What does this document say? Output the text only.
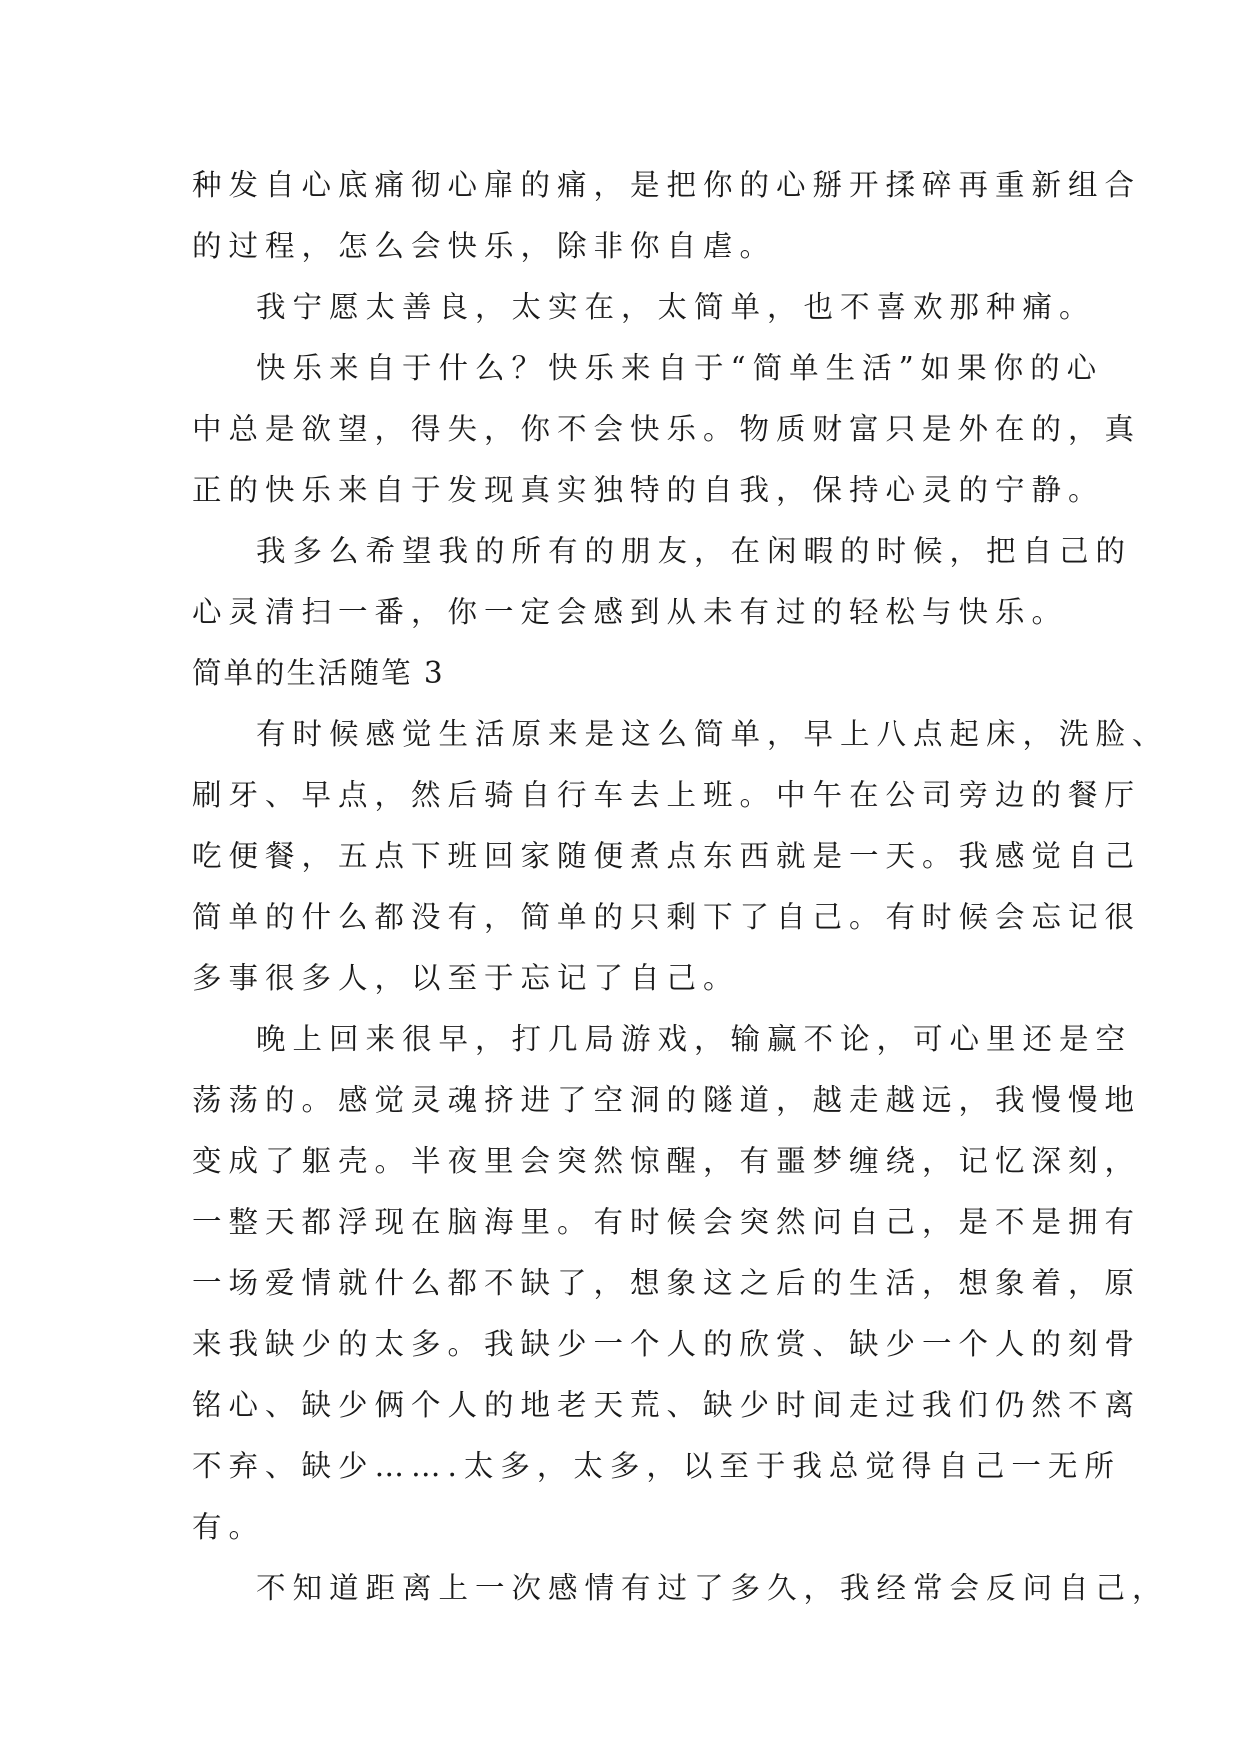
种发自心底痛彻心扉的痛，是把你的心掰开揉碎再重新组合
的过程，怎么会快乐，除非你自虐。
我宁愿太善良，太实在，太简单，也不喜欢那种痛。
快乐来自于什么？快乐来自于“简单生活”如果你的心
中总是欲望，得失，你不会快乐。物质财富只是外在的，真
正的快乐来自于发现真实独特的自我，保持心灵的宁静。
我多么希望我的所有的朋友，在闲暇的时候，把自己的
心灵清扫一番，你一定会感到从未有过的轻松与快乐。
简单的生活随笔 3
有时候感觉生活原来是这么简单，早上八点起床，洗脸、
刷牙、早点，然后骑自行车去上班。中午在公司旁边的餐厅
吃便餐，五点下班回家随便煮点东西就是一天。我感觉自己
简单的什么都没有，简单的只剩下了自己。有时候会忘记很
多事很多人，以至于忘记了自己。
晚上回来很早，打几局游戏，输赢不论，可心里还是空
荡荡的。感觉灵魂挤进了空洞的隧道，越走越远，我慢慢地
变成了躯壳。半夜里会突然惊醒，有噩梦缠绕，记忆深刻，
一整天都浮现在脑海里。有时候会突然问自己，是不是拥有
一场爱情就什么都不缺了，想象这之后的生活，想象着，原
来我缺少的太多。我缺少一个人的欣赏、缺少一个人的刻骨
铭心、缺少俩个人的地老天荒、缺少时间走过我们仍然不离
不弃、缺少…….太多，太多，以至于我总觉得自己一无所
有。
不知道距离上一次感情有过了多久，我经常会反问自己，
